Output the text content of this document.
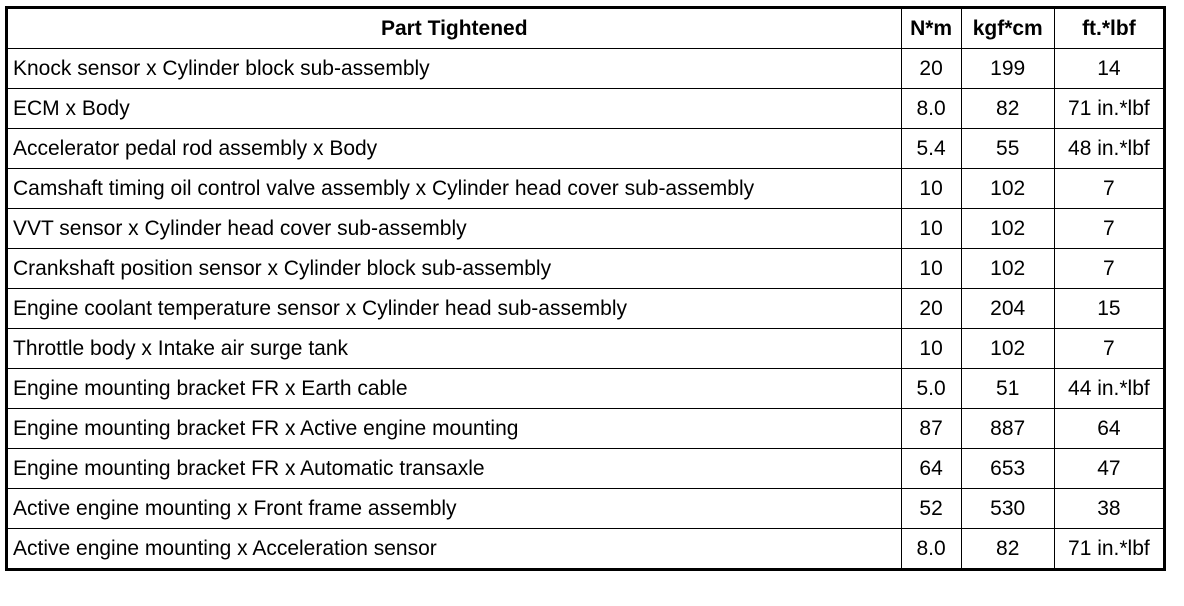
Part Tightened	N*m	kgf*cm	ft.*lbf
Knock sensor x Cylinder block sub-assembly	20	199	14
ECM x Body	8.0	82	71 in.*lbf
Accelerator pedal rod assembly x Body	5.4	55	48 in.*lbf
Camshaft timing oil control valve assembly x Cylinder head cover sub-assembly	10	102	7
VVT sensor x Cylinder head cover sub-assembly	10	102	7
Crankshaft position sensor x Cylinder block sub-assembly	10	102	7
Engine coolant temperature sensor x Cylinder head sub-assembly	20	204	15
Throttle body x Intake air surge tank	10	102	7
Engine mounting bracket FR x Earth cable	5.0	51	44 in.*lbf
Engine mounting bracket FR x Active engine mounting	87	887	64
Engine mounting bracket FR x Automatic transaxle	64	653	47
Active engine mounting x Front frame assembly	52	530	38
Active engine mounting x Acceleration sensor	8.0	82	71 in.*lbf
